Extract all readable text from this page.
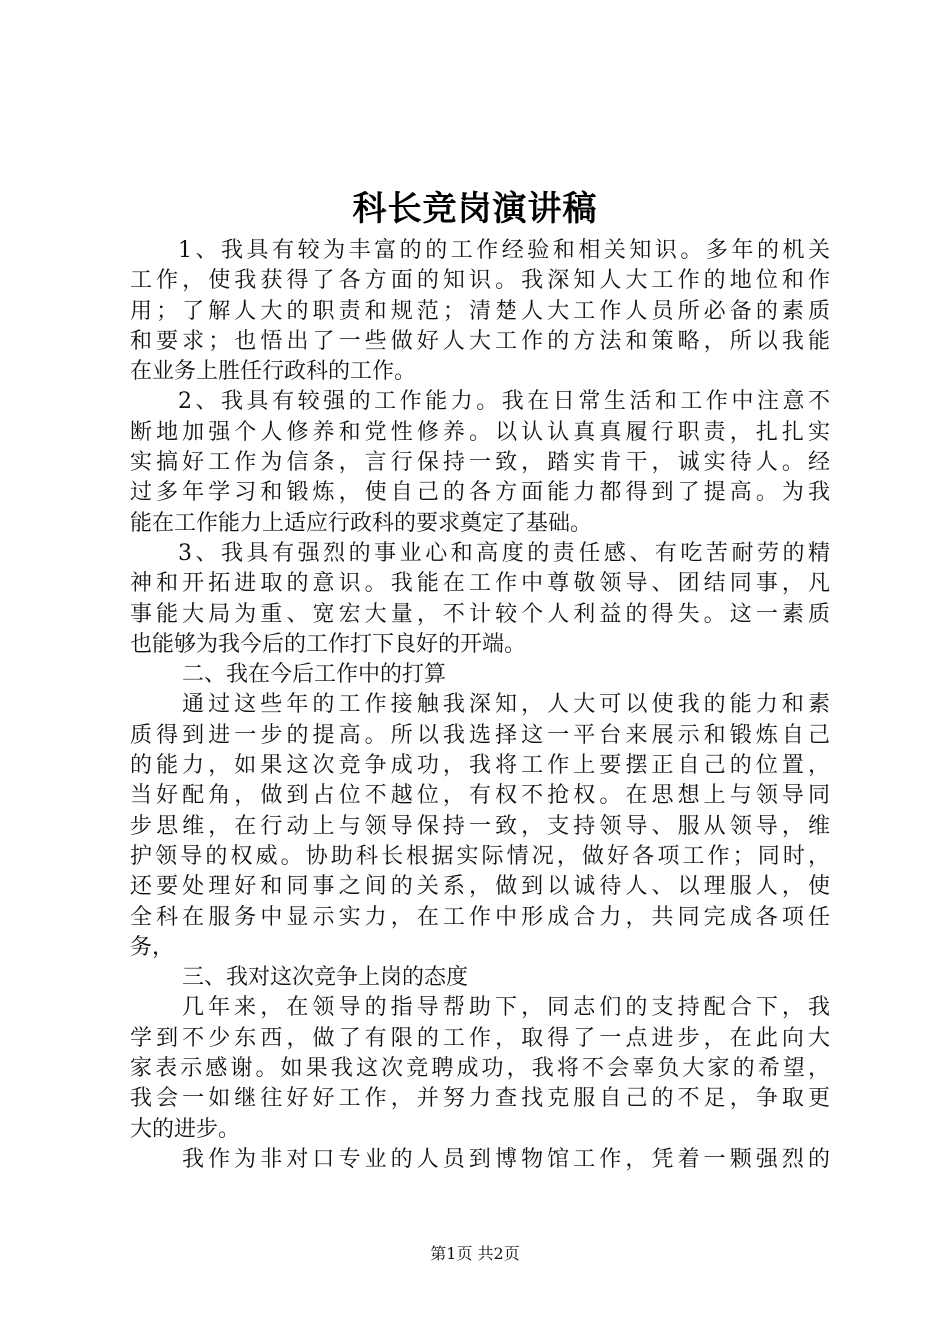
科长竞岗演讲稿
1、我具有较为丰富的的工作经验和相关知识。多年的机关
工作，使我获得了各方面的知识。我深知人大工作的地位和作
用；了解人大的职责和规范；清楚人大工作人员所必备的素质
和要求；也悟出了一些做好人大工作的方法和策略，所以我能
在业务上胜任行政科的工作。
2、我具有较强的工作能力。我在日常生活和工作中注意不
断地加强个人修养和党性修养。以认认真真履行职责，扎扎实
实搞好工作为信条，言行保持一致，踏实肯干，诚实待人。经
过多年学习和锻炼，使自己的各方面能力都得到了提高。为我
能在工作能力上适应行政科的要求奠定了基础。
3、我具有强烈的事业心和高度的责任感、有吃苦耐劳的精
神和开拓进取的意识。我能在工作中尊敬领导、团结同事，凡
事能大局为重、宽宏大量，不计较个人利益的得失。这一素质
也能够为我今后的工作打下良好的开端。
二、我在今后工作中的打算
通过这些年的工作接触我深知，人大可以使我的能力和素
质得到进一步的提高。所以我选择这一平台来展示和锻炼自己
的能力，如果这次竞争成功，我将工作上要摆正自己的位置，
当好配角，做到占位不越位，有权不抢权。在思想上与领导同
步思维，在行动上与领导保持一致，支持领导、服从领导，维
护领导的权威。协助科长根据实际情况，做好各项工作；同时，
还要处理好和同事之间的关系，做到以诚待人、以理服人，使
全科在服务中显示实力，在工作中形成合力，共同完成各项任
务，
三、我对这次竞争上岗的态度
几年来，在领导的指导帮助下，同志们的支持配合下，我
学到不少东西，做了有限的工作，取得了一点进步，在此向大
家表示感谢。如果我这次竞聘成功，我将不会辜负大家的希望，
我会一如继往好好工作，并努力查找克服自己的不足，争取更
大的进步。
我作为非对口专业的人员到博物馆工作，凭着一颗强烈的
第1页 共2页
